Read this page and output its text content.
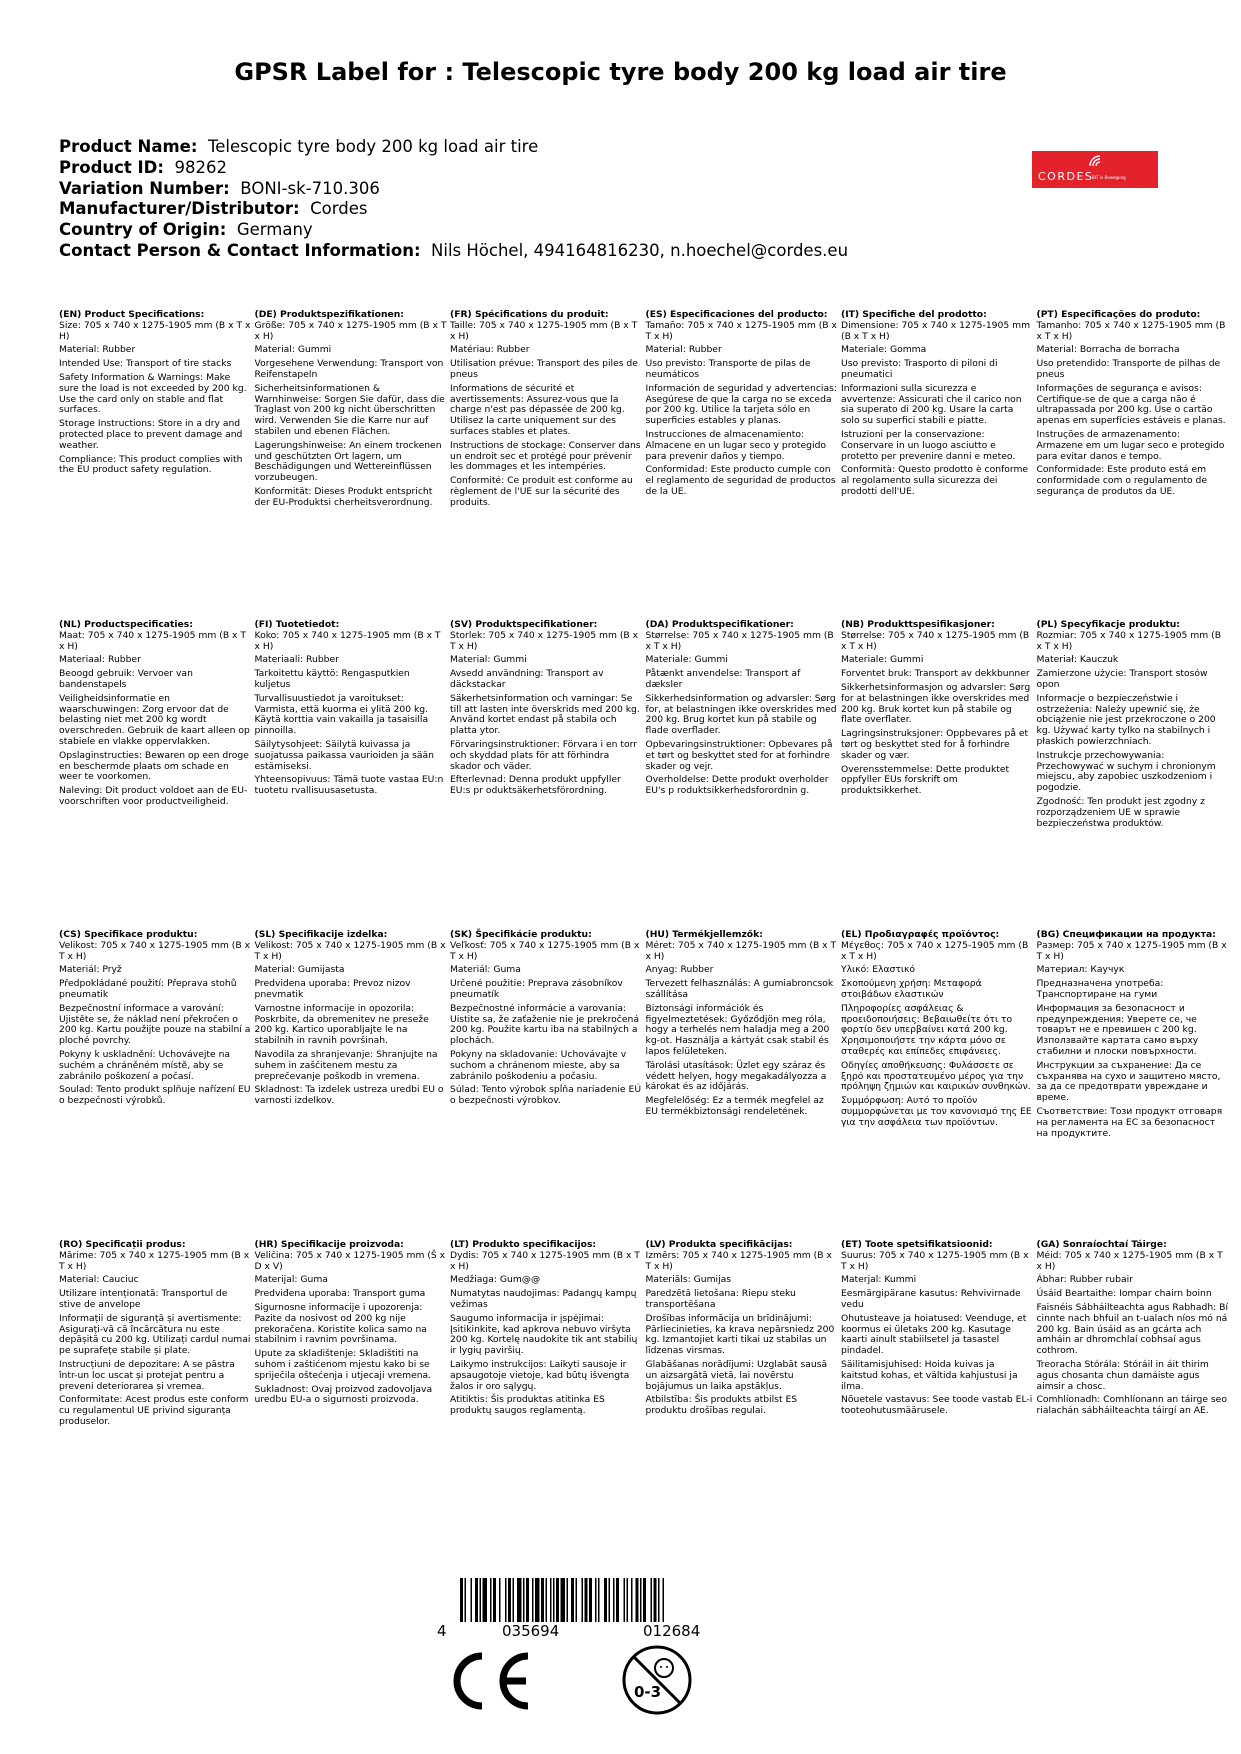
GPSR Label for : Telescopic tyre body 200 kg load air tire
Product Name: Telescopic tyre body 200 kg load air tire
Product ID: 98262
Variation Number: BONI-sk-710.306
Manufacturer/Distributor: Cordes
Country of Origin: Germany
Contact Person & Contact Information: Nils Höchel, 494164816230, n.hoechel@cordes.eu
CORDES
BIT in Bewegung
(EN) Product Specifications:
Size: 705 x 740 x 1275-1905 mm (B x T x H)
Material: Rubber
Intended Use: Transport of tire stacks
Safety Information & Warnings: Make sure the load is not exceeded by 200 kg. Use the card only on stable and flat surfaces.
Storage Instructions: Store in a dry and protected place to prevent damage and weather.
Compliance: This product complies with the EU product safety regulation.
(DE) Produktspezifikationen:
Größe: 705 x 740 x 1275-1905 mm (B x T x H)
Material: Gummi
Vorgesehene Verwendung: Transport von Reifenstapeln
Sicherheitsinformationen & Warnhinweise: Sorgen Sie dafür, dass die Traglast von 200 kg nicht überschritten wird. Verwenden Sie die Karre nur auf stabilen und ebenen Flächen.
Lagerungshinweise: An einem trockenen und geschützten Ort lagern, um Beschädigungen und Wettereinflüssen vorzubeugen.
Konformität: Dieses Produkt entspricht der EU-Produktsi cherheitsverordnung.
(FR) Spécifications du produit:
Taille: 705 x 740 x 1275-1905 mm (B x T x H)
Matériau: Rubber
Utilisation prévue: Transport des piles de pneus
Informations de sécurité et avertissements: Assurez-vous que la charge n'est pas dépassée de 200 kg. Utilisez la carte uniquement sur des surfaces stables et plates.
Instructions de stockage: Conserver dans un endroit sec et protégé pour prévenir les dommages et les intempéries.
Conformité: Ce produit est conforme au règlement de l'UE sur la sécurité des produits.
(ES) Especificaciones del producto:
Tamaño: 705 x 740 x 1275-1905 mm (B x T x H)
Material: Rubber
Uso previsto: Transporte de pilas de neumáticos
Información de seguridad y advertencias: Asegúrese de que la carga no se exceda por 200 kg. Utilice la tarjeta sólo en superficies estables y planas.
Instrucciones de almacenamiento: Almacene en un lugar seco y protegido para prevenir daños y tiempo.
Conformidad: Este producto cumple con el reglamento de seguridad de productos de la UE.
(IT) Specifiche del prodotto:
Dimensione: 705 x 740 x 1275-1905 mm (B x T x H)
Materiale: Gomma
Uso previsto: Trasporto di piloni di pneumatici
Informazioni sulla sicurezza e avvertenze: Assicurati che il carico non sia superato di 200 kg. Usare la carta solo su superfici stabili e piatte.
Istruzioni per la conservazione: Conservare in un luogo asciutto e protetto per prevenire danni e meteo.
Conformità: Questo prodotto è conforme al regolamento sulla sicurezza dei prodotti dell'UE.
(PT) Especificações do produto:
Tamanho: 705 x 740 x 1275-1905 mm (B x T x H)
Material: Borracha de borracha
Uso pretendido: Transporte de pilhas de pneus
Informações de segurança e avisos: Certifique-se de que a carga não é ultrapassada por 200 kg. Use o cartão apenas em superfícies estáveis e planas.
Instruções de armazenamento: Armazene em um lugar seco e protegido para evitar danos e tempo.
Conformidade: Este produto está em conformidade com o regulamento de segurança de produtos da UE.
(NL) Productspecificaties:
Maat: 705 x 740 x 1275-1905 mm (B x T x H)
Materiaal: Rubber
Beoogd gebruik: Vervoer van bandenstapels
Veiligheidsinformatie en waarschuwingen: Zorg ervoor dat de belasting niet met 200 kg wordt overschreden. Gebruik de kaart alleen op stabiele en vlakke oppervlakken.
Opslaginstructies: Bewaren op een droge en beschermde plaats om schade en weer te voorkomen.
Naleving: Dit product voldoet aan de EU-voorschriften voor productveiligheid.
(FI) Tuotetiedot:
Koko: 705 x 740 x 1275-1905 mm (B x T x H)
Materiaali: Rubber
Tarkoitettu käyttö: Rengasputkien kuljetus
Turvallisuustiedot ja varoitukset: Varmista, että kuorma ei ylitä 200 kg. Käytä korttia vain vakailla ja tasaisilla pinnoilla.
Säilytysohjeet: Säilytä kuivassa ja suojatussa paikassa vaurioiden ja sään estämiseksi.
Yhteensopivuus: Tämä tuote vastaa EU:n tuotetu rvallisuusasetusta.
(SV) Produktspecifikationer:
Storlek: 705 x 740 x 1275-1905 mm (B x T x H)
Material: Gummi
Avsedd användning: Transport av däckstackar
Säkerhetsinformation och varningar: Se till att lasten inte överskrids med 200 kg. Använd kortet endast på stabila och platta ytor.
Förvaringsinstruktioner: Förvara i en torr och skyddad plats för att förhindra skador och väder.
Efterlevnad: Denna produkt uppfyller EU:s pr oduktsäkerhetsförordning.
(DA) Produktspecifikationer:
Størrelse: 705 x 740 x 1275-1905 mm (B x T x H)
Materiale: Gummi
Påtænkt anvendelse: Transport af dæksler
Sikkerhedsinformation og advarsler: Sørg for, at belastningen ikke overskrides med 200 kg. Brug kortet kun på stabile og flade overflader.
Opbevaringsinstruktioner: Opbevares på et tørt og beskyttet sted for at forhindre skader og vejr.
Overholdelse: Dette produkt overholder EU's p roduktsikkerhedsforordnin g.
(NB) Produkttspesifikasjoner:
Størrelse: 705 x 740 x 1275-1905 mm (B x T x H)
Materiale: Gummi
Forventet bruk: Transport av dekkbunner
Sikkerhetsinformasjon og advarsler: Sørg for at belastningen ikke overskrides med 200 kg. Bruk kortet kun på stabile og flate overflater.
Lagringsinstruksjoner: Oppbevares på et tørt og beskyttet sted for å forhindre skader og vær.
Overensstemmelse: Dette produktet oppfyller EUs forskrift om produktsikkerhet.
(PL) Specyfikacje produktu:
Rozmiar: 705 x 740 x 1275-1905 mm (B x T x H)
Materiał: Kauczuk
Zamierzone użycie: Transport stosów opon
Informacje o bezpieczeństwie i ostrzeżenia: Należy upewnić się, że obciążenie nie jest przekroczone o 200 kg. Używać karty tylko na stabilnych i płaskich powierzchniach.
Instrukcje przechowywania: Przechowywać w suchym i chronionym miejscu, aby zapobiec uszkodzeniom i pogodzie.
Zgodność: Ten produkt jest zgodny z rozporządzeniem UE w sprawie bezpieczeństwa produktów.
(CS) Specifikace produktu:
Velikost: 705 x 740 x 1275-1905 mm (B x T x H)
Materiál: Pryž
Předpokládané použití: Přeprava stohů pneumatik
Bezpečnostní informace a varování: Ujistěte se, že náklad není překročen o 200 kg. Kartu použijte pouze na stabilní a ploché povrchy.
Pokyny k uskladnění: Uchovávejte na suchém a chráněném místě, aby se zabránilo poškození a počasí.
Soulad: Tento produkt splňuje nařízení EU o bezpečnosti výrobků.
(SL) Specifikacije izdelka:
Velikost: 705 x 740 x 1275-1905 mm (B x T x H)
Material: Gumijasta
Predvidena uporaba: Prevoz nizov pnevmatik
Varnostne informacije in opozorila: Poskrbite, da obremenitev ne preseže 200 kg. Kartico uporabljajte le na stabilnih in ravnih površinah.
Navodila za shranjevanje: Shranjujte na suhem in zaščitenem mestu za preprečevanje poškodb in vremena.
Skladnost: Ta izdelek ustreza uredbi EU o varnosti izdelkov.
(SK) Špecifikácie produktu:
Veľkosť: 705 x 740 x 1275-1905 mm (B x T x H)
Materiál: Guma
Určené použitie: Preprava zásobníkov pneumatík
Bezpečnostné informácie a varovania: Uistite sa, že zaťaženie nie je prekročená 200 kg. Použite kartu iba na stabilných a plochách.
Pokyny na skladovanie: Uchovávajte v suchom a chránenom mieste, aby sa zabránilo poškodeniu a počasiu.
Súlad: Tento výrobok spĺňa nariadenie EÚ o bezpečnosti výrobkov.
(HU) Termékjellemzők:
Méret: 705 x 740 x 1275-1905 mm (B x T x H)
Anyag: Rubber
Tervezett felhasználás: A gumiabroncsok szállítása
Biztonsági információk és figyelmeztetések: Győződjön meg róla, hogy a terhelés nem haladja meg a 200 kg-ot. Használja a kártyát csak stabil és lapos felületeken.
Tárolási utasítások: Üzlet egy száraz és védett helyen, hogy megakadályozza a károkat és az időjárás.
Megfelelőség: Ez a termék megfelel az EU termékbiztonsági rendeletének.
(EL) Προδιαγραφές προϊόντος:
Μέγεθος: 705 x 740 x 1275-1905 mm (B x T x H)
Υλικό: Ελαστικό
Σκοπούμενη χρήση: Μεταφορά στοιβάδων ελαστικών
Πληροφορίες ασφάλειας & προειδοποιήσεις: Βεβαιωθείτε ότι το φορτίο δεν υπερβαίνει κατά 200 kg. Χρησιμοποιήστε την κάρτα μόνο σε σταθερές και επίπεδες επιφάνειες.
Οδηγίες αποθήκευσης: Φυλάσσετε σε ξηρό και προστατευμένο μέρος για την πρόληψη ζημιών και καιρικών συνθηκών.
Συμμόρφωση: Αυτό το προϊόν συμμορφώνεται με τον κανονισμό της ΕΕ για την ασφάλεια των προϊόντων.
(BG) Спецификации на продукта:
Размер: 705 x 740 x 1275-1905 mm (B x T x H)
Материал: Каучук
Предназначена употреба: Транспортиране на гуми
Информация за безопасност и предупреждения: Уверете се, че товарът не е превишен с 200 kg. Използвайте картата само върху стабилни и плоски повърхности.
Инструкции за съхранение: Да се съхранява на сухо и защитено място, за да се предотврати увреждане и време.
Съответствие: Този продукт отговаря на регламента на ЕС за безопасност на продуктите.
(RO) Specificații produs:
Mărime: 705 x 740 x 1275-1905 mm (B x T x H)
Material: Cauciuc
Utilizare intenționată: Transportul de stive de anvelope
Informații de siguranță și avertismente: Asigurați-vă că încărcătura nu este depășită cu 200 kg. Utilizați cardul numai pe suprafețe stabile și plate.
Instrucțiuni de depozitare: A se păstra într-un loc uscat și protejat pentru a preveni deteriorarea și vremea.
Conformitate: Acest produs este conform cu regulamentul UE privind siguranța produselor.
(HR) Specifikacije proizvoda:
Veličina: 705 x 740 x 1275-1905 mm (Š x D x V)
Materijal: Guma
Predviđena uporaba: Transport guma
Sigurnosne informacije i upozorenja: Pazite da nosivost od 200 kg nije prekoračena. Koristite kolica samo na stabilnim i ravnim površinama.
Upute za skladištenje: Skladištiti na suhom i zaštićenom mjestu kako bi se spriječila oštećenja i utjecaji vremena.
Sukladnost: Ovaj proizvod zadovoljava uredbu EU-a o sigurnosti proizvoda.
(LT) Produkto specifikacijos:
Dydis: 705 x 740 x 1275-1905 mm (B x T x H)
Medžiaga: Gum@@
Numatytas naudojimas: Padangų kampų vežimas
Saugumo informacija ir įspėjimai: Įsitikinkite, kad apkrova nebuvo viršyta 200 kg. Kortelę naudokite tik ant stabilių ir lygių paviršių.
Laikymo instrukcijos: Laikyti sausoje ir apsaugotoje vietoje, kad būtų išvengta žalos ir oro sąlygų.
Atitiktis: Šis produktas atitinka ES produktų saugos reglamentą.
(LV) Produkta specifikācijas:
Izmērs: 705 x 740 x 1275-1905 mm (B x T x H)
Materiāls: Gumijas
Paredzētā lietošana: Riepu steku transportēšana
Drošības informācija un brīdinājumi: Pārliecinieties, ka krava nepārsniedz 200 kg. Izmantojiet karti tikai uz stabilas un līdzenas virsmas.
Glabāšanas norādījumi: Uzglabāt sausā un aizsargātā vietā, lai novērstu bojājumus un laika apstākļus.
Atbilstība: Šis produkts atbilst ES produktu drošības regulai.
(ET) Toote spetsifikatsioonid:
Suurus: 705 x 740 x 1275-1905 mm (B x T x H)
Materjal: Kummi
Eesmärgipärane kasutus: Rehvivirnade vedu
Ohutusteave ja hoiatused: Veenduge, et koormus ei ületaks 200 kg. Kasutage kaarti ainult stabiilsetel ja tasastel pindadel.
Säilitamisjuhised: Hoida kuivas ja kaitstud kohas, et vältida kahjustusi ja ilma.
Nõuetele vastavus: See toode vastab EL-i tooteohutusmäärusele.
(GA) Sonraíochtaí Táirge:
Méid: 705 x 740 x 1275-1905 mm (B x T x H)
Ábhar: Rubber rubair
Úsáid Beartaithe: Iompar chairn boinn
Faisnéis Sábháilteachta agus Rabhadh: Bí cinnte nach bhfuil an t-ualach níos mó ná 200 kg. Bain úsáid as an gcárta ach amháin ar dhromchlaí cobhsaí agus cothrom.
Treoracha Stórála: Stóráil in áit thirim agus chosanta chun damáiste agus aimsir a chosc.
Comhlíonadh: Comhlíonann an táirge seo rialachán sábháilteachta táirgí an AE.
4	035694	012684
0-3
